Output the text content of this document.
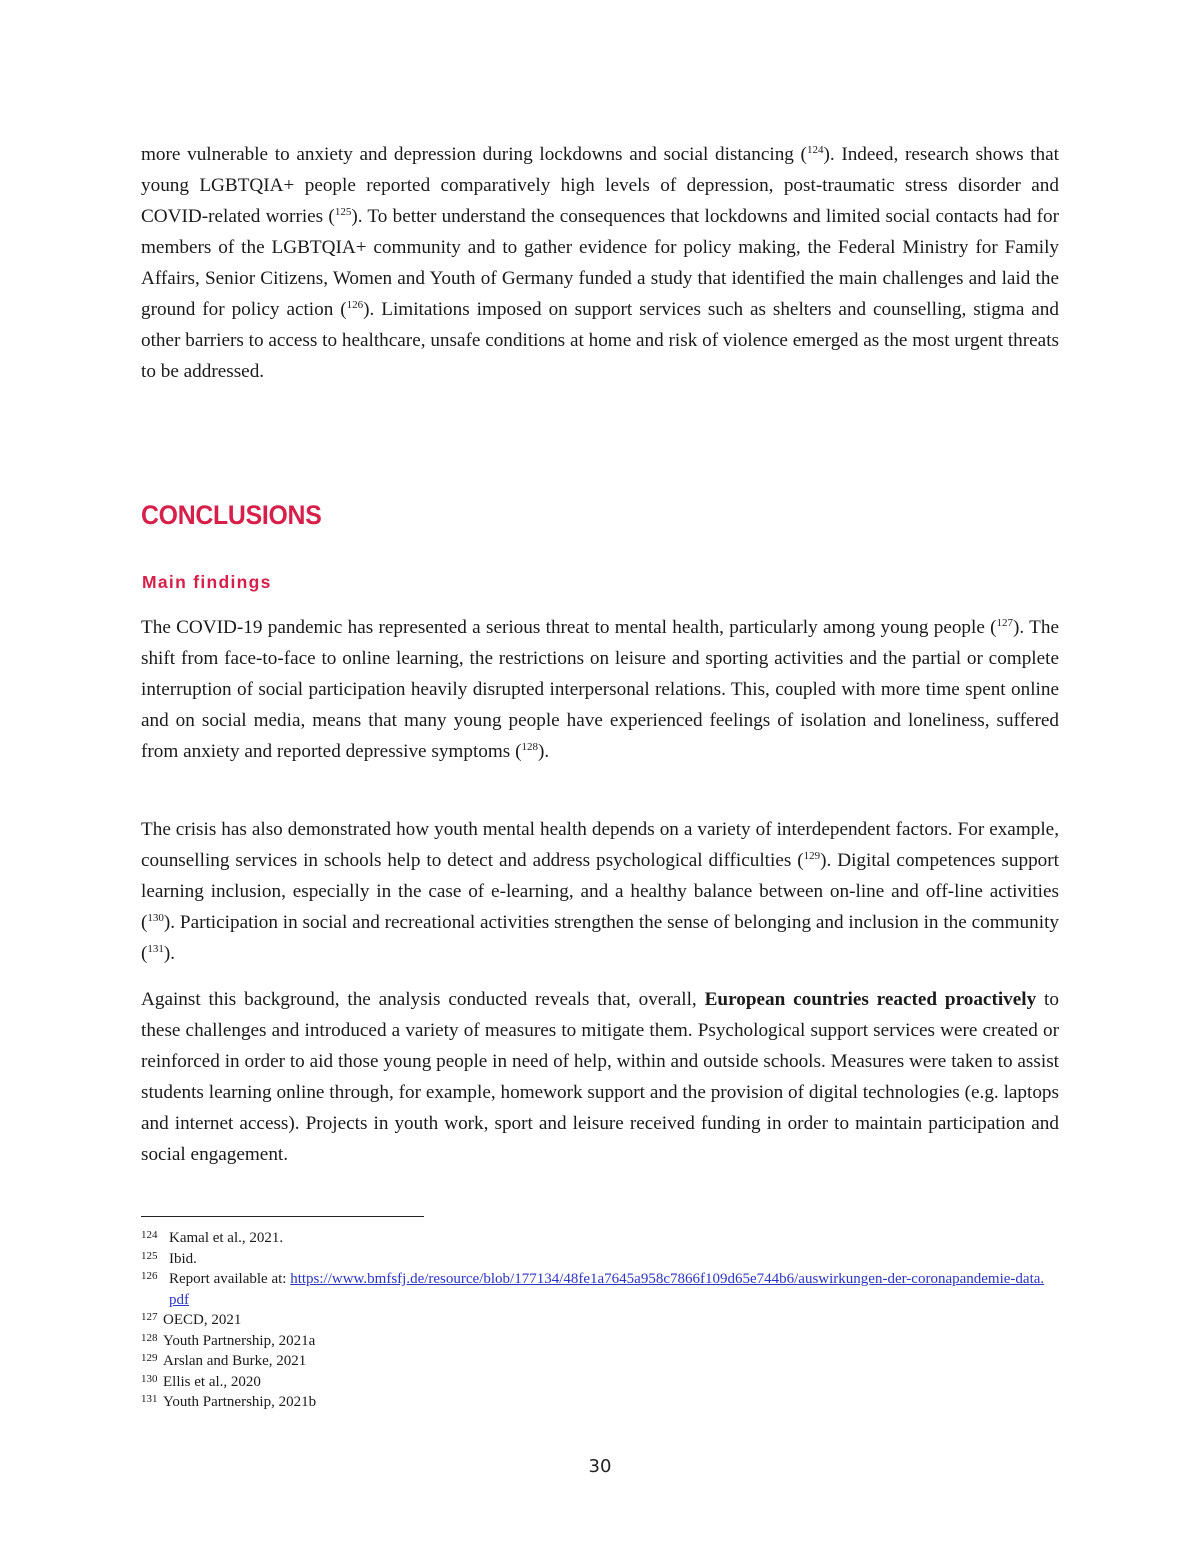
more vulnerable to anxiety and depression during lockdowns and social distancing ($^{124}$). Indeed, research shows that young LGBTQIA+ people reported comparatively high levels of depression, post-traumatic stress disorder and COVID-related worries ($^{125}$). To better understand the consequences that lockdowns and limited social contacts had for members of the LGBTQIA+ community and to gather evidence for policy making, the Federal Ministry for Family Affairs, Senior Citizens, Women and Youth of Germany funded a study that identified the main challenges and laid the ground for policy action ($^{126}$). Limitations imposed on support services such as shelters and counselling, stigma and other barriers to access to healthcare, unsafe conditions at home and risk of violence emerged as the most urgent threats to be addressed.

CONCLUSIONS
Main findings

The COVID-19 pandemic has represented a serious threat to mental health, particularly among young people ($^{127}$). The shift from face-to-face to online learning, the restrictions on leisure and sporting activities and the partial or complete interruption of social participation heavily disrupted interpersonal relations. This, coupled with more time spent online and on social media, means that many young people have experienced feelings of isolation and loneliness, suffered from anxiety and reported depressive symptoms ($^{128}$).

The crisis has also demonstrated how youth mental health depends on a variety of interdependent factors. For example, counselling services in schools help to detect and address psychological difficulties ($^{129}$). Digital competences support learning inclusion, especially in the case of e-learning, and a healthy balance between on-line and off-line activities ($^{130}$). Participation in social and recreational activities strengthen the sense of belonging and inclusion in the community ($^{131}$).

Against this background, the analysis conducted reveals that, overall, European countries reacted proactively to these challenges and introduced a variety of measures to mitigate them. Psychological support services were created or reinforced in order to aid those young people in need of help, within and outside schools. Measures were taken to assist students learning online through, for example, homework support and the provision of digital technologies (e.g. laptops and internet access). Projects in youth work, sport and leisure received funding in order to maintain participation and social engagement.

124 Kamal et al., 2021.
125 Ibid.
126 Report available at: https://www.bmfsfj.de/resource/blob/177134/48fe1a7645a958c7866f109d65e744b6/auswirkungen-der-coronapandemie-data.pdf
127 OECD, 2021
128 Youth Partnership, 2021a
129 Arslan and Burke, 2021
130 Ellis et al., 2020
131 Youth Partnership, 2021b
30
